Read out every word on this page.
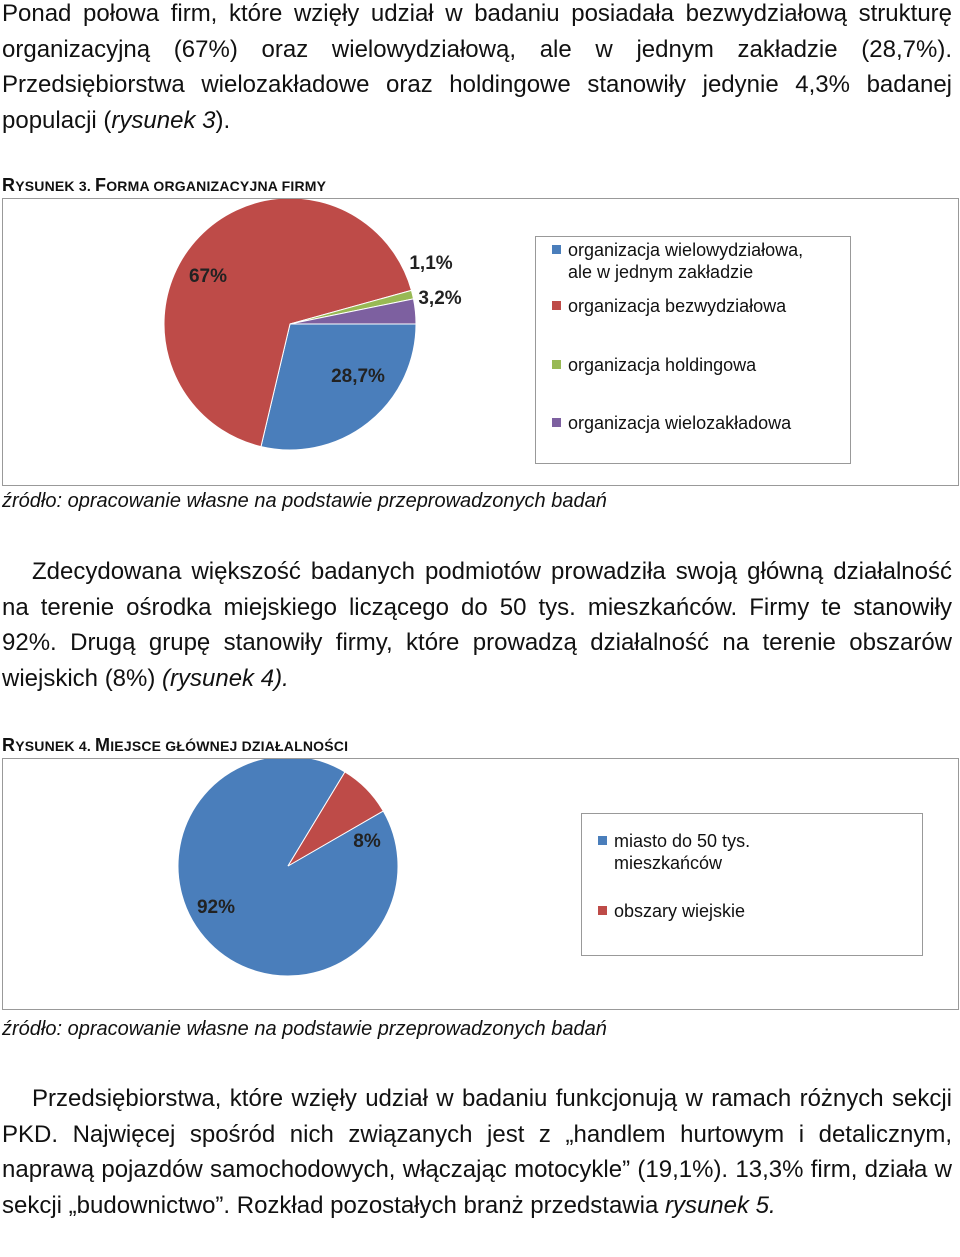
Ponad połowa firm, które wzięły udział w badaniu posiadała bezwydziałową strukturę organizacyjną (67%) oraz wielowydziałową, ale w jednym zakładzie (28,7%). Przedsiębiorstwa wielozakładowe oraz holdingowe stanowiły jedynie 4,3% badanej populacji (rysunek 3).

RYSUNEK 3. FORMA ORGANIZACYJNA FIRMY
28,7%
67%
1,1%
3,2%
organizacja wielowydziałowa,
ale w jednym zakładzie
organizacja bezwydziałowa
organizacja holdingowa
organizacja wielozakładowa
źródło: opracowanie własne na podstawie przeprowadzonych badań

Zdecydowana większość badanych podmiotów prowadziła swoją główną działalność na terenie ośrodka miejskiego liczącego do 50 tys. mieszkańców. Firmy te stanowiły 92%. Drugą grupę stanowiły firmy, które prowadzą działalność na terenie obszarów wiejskich (8%) (rysunek 4).

RYSUNEK 4. MIEJSCE GŁÓWNEJ DZIAŁALNOŚCI
92%
8%	miasto do 50 tys.
mieszkańców
obszary wiejskie
źródło: opracowanie własne na podstawie przeprowadzonych badań

Przedsiębiorstwa, które wzięły udział w badaniu funkcjonują w ramach różnych sekcji PKD. Najwięcej spośród nich związanych jest z „handlem hurtowym i detalicznym, naprawą pojazdów samochodowych, włączając motocykle” (19,1%). 13,3% firm, działa w sekcji „budownictwo”. Rozkład pozostałych branż przedstawia rysunek 5.
